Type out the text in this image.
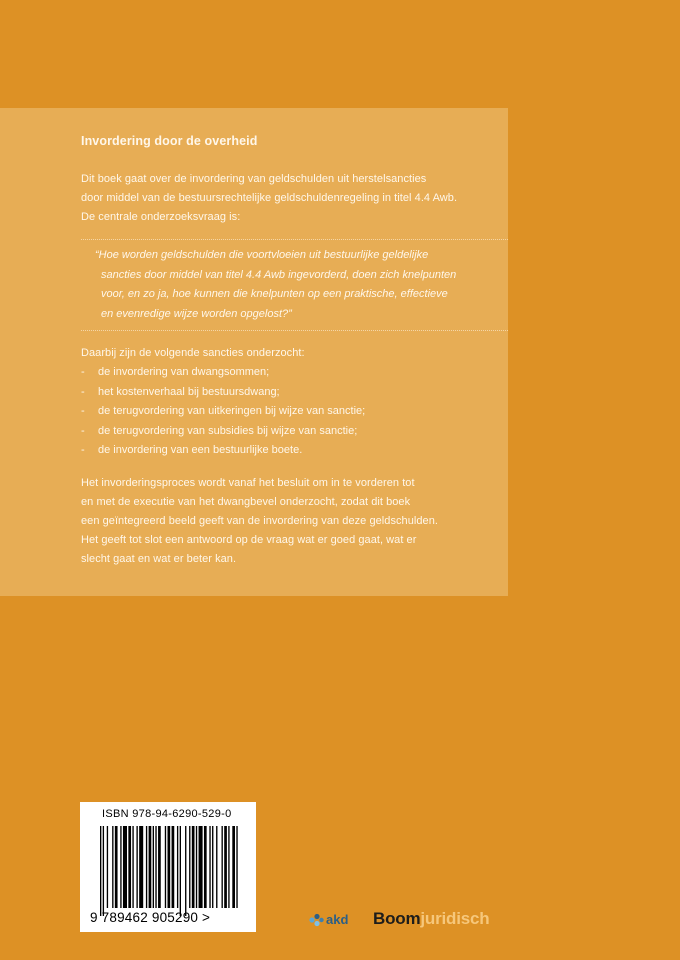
Invordering door de overheid
Dit boek gaat over de invordering van geldschulden uit herstelsancties
door middel van de bestuursrechtelijke geldschuldenregeling in titel 4.4 Awb.
De centrale onderzoeksvraag is:
“Hoe worden geldschulden die voortvloeien uit bestuurlijke geldelijke
sancties door middel van titel 4.4 Awb ingevorderd, doen zich knelpunten
voor, en zo ja, hoe kunnen die knelpunten op een praktische, effectieve
en evenredige wijze worden opgelost?”
Daarbij zijn de volgende sancties onderzocht:
- de invordering van dwangsommen;
- het kostenverhaal bij bestuursdwang;
- de terugvordering van uitkeringen bij wijze van sanctie;
- de terugvordering van subsidies bij wijze van sanctie;
- de invordering van een bestuurlijke boete.
Het invorderingsproces wordt vanaf het besluit om in te vorderen tot
en met de executie van het dwangbevel onderzocht, zodat dit boek
een geïntegreerd beeld geeft van de invordering van deze geldschulden.
Het geeft tot slot een antwoord op de vraag wat er goed gaat, wat er
slecht gaat en wat er beter kan.
ISBN 978-94-6290-529-0
9 789462 905290 >	akd Boomjuridisch
